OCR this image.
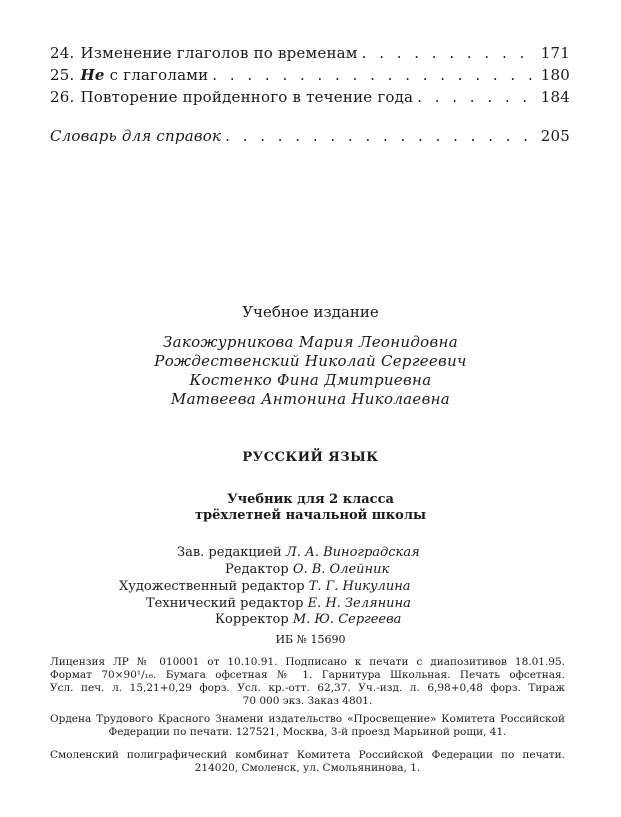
24. Изменение глаголов по временам . . .	171
25. Не с глаголами . . .	180
26. Повторение пройденного в течение года . . .	184
Словарь для справок . . .	205
Учебное издание
Закожурникова Мария Леонидовна
Рождественский Николай Сергеевич
Костенко Фина Дмитриевна
Матвеева Антонина Николаевна
РУССКИЙ ЯЗЫК
Учебник для 2 класса
трёхлетней начальной школы
Зав. редакцией Л. А. Виноградская
Редактор О. В. Олейник
Художественный редактор Т. Г. Никулина
Технический редактор Е. Н. Зелянина
Корректор М. Ю. Сергеева
ИБ № 15690
Лицензия ЛР № 010001 от 10.10.91. Подписано к печати с диапозитивов 18.01.95.
Формат 70×90¹/₁₆. Бумага офсетная № 1. Гарнитура Школьная. Печать офсетная.
Усл. печ. л. 15,21+0,29 форз. Усл. кр.-отт. 62,37. Уч.-изд. л. 6,98+0,48 форз. Тираж
70 000 экз. Заказ 4801.
Ордена Трудового Красного Знамени издательство «Просвещение» Комитета Российской
Федерации по печати. 127521, Москва, 3-й проезд Марьиной рощи, 41.
Смоленский полиграфический комбинат Комитета Российской Федерации по печати.
214020, Смоленск, ул. Смольянинова, 1.
